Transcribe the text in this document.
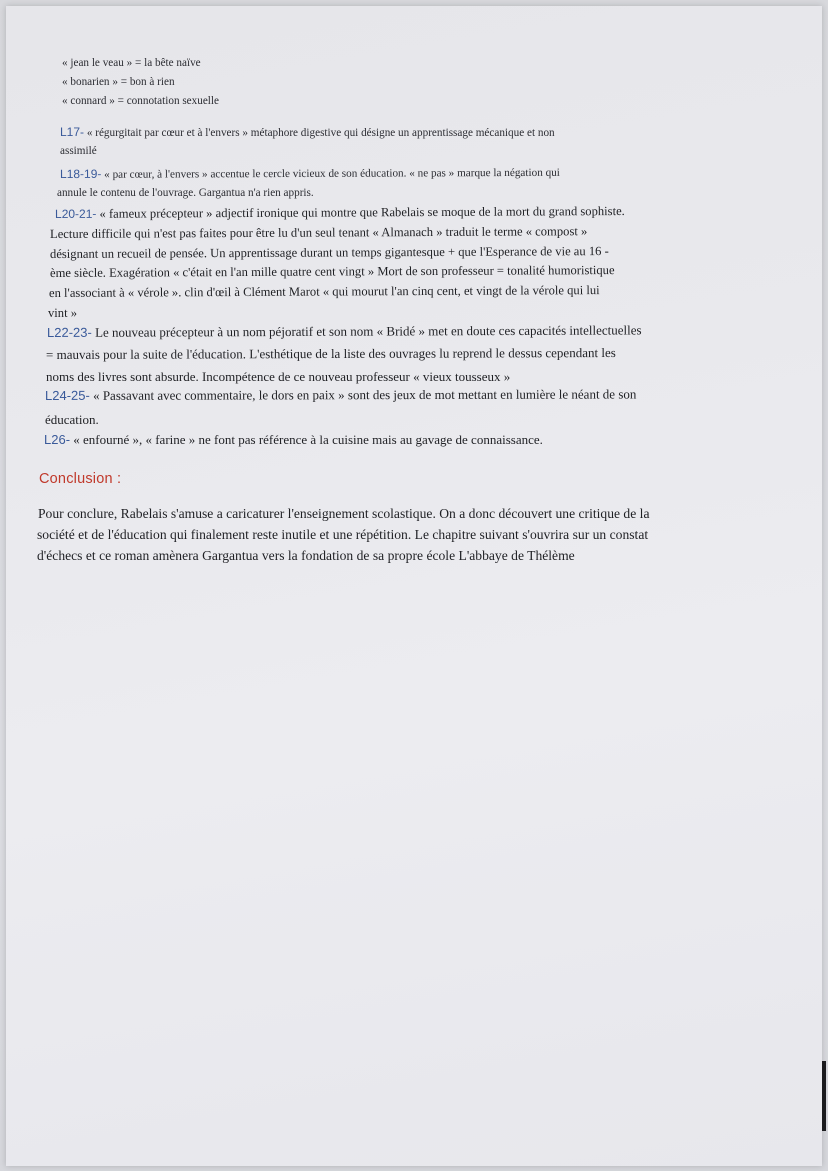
« jean le veau » = la bête naïve
« bonarien » = bon à rien
« connard » = connotation sexuelle
L17- « régurgitait par cœur et à l'envers » métaphore digestive qui désigne un apprentissage mécanique et non
assimilé
L18-19- « par cœur, à l'envers » accentue le cercle vicieux de son éducation. « ne pas » marque la négation qui
annule le contenu de l'ouvrage. Gargantua n'a rien appris.
L20-21- « fameux précepteur » adjectif ironique qui montre que Rabelais se moque de la mort du grand sophiste.
Lecture difficile qui n'est pas faites pour être lu d'un seul tenant « Almanach » traduit le terme « compost »
désignant un recueil de pensée. Un apprentissage durant un temps gigantesque + que l'Esperance de vie au 16 -
ème siècle. Exagération « c'était en l'an mille quatre cent vingt » Mort de son professeur = tonalité humoristique
en l'associant à « vérole ». clin d'œil à Clément Marot « qui mourut l'an cinq cent, et vingt de la vérole qui lui
vint »
L22-23- Le nouveau précepteur à un nom péjoratif et son nom « Bridé » met en doute ces capacités intellectuelles
= mauvais pour la suite de l'éducation. L'esthétique de la liste des ouvrages lu reprend le dessus cependant les
noms des livres sont absurde. Incompétence de ce nouveau professeur « vieux tousseux »
L24-25- « Passavant avec commentaire, le dors en paix » sont des jeux de mot mettant en lumière le néant de son
éducation.
L26- « enfourné », « farine » ne font pas référence à la cuisine mais au gavage de connaissance.
Conclusion :
Pour conclure, Rabelais s'amuse a caricaturer l'enseignement scolastique. On a donc découvert une critique de la
société et de l'éducation qui finalement reste inutile et une répétition. Le chapitre suivant s'ouvrira sur un constat
d'échecs et ce roman amènera Gargantua vers la fondation de sa propre école L'abbaye de Thélème
